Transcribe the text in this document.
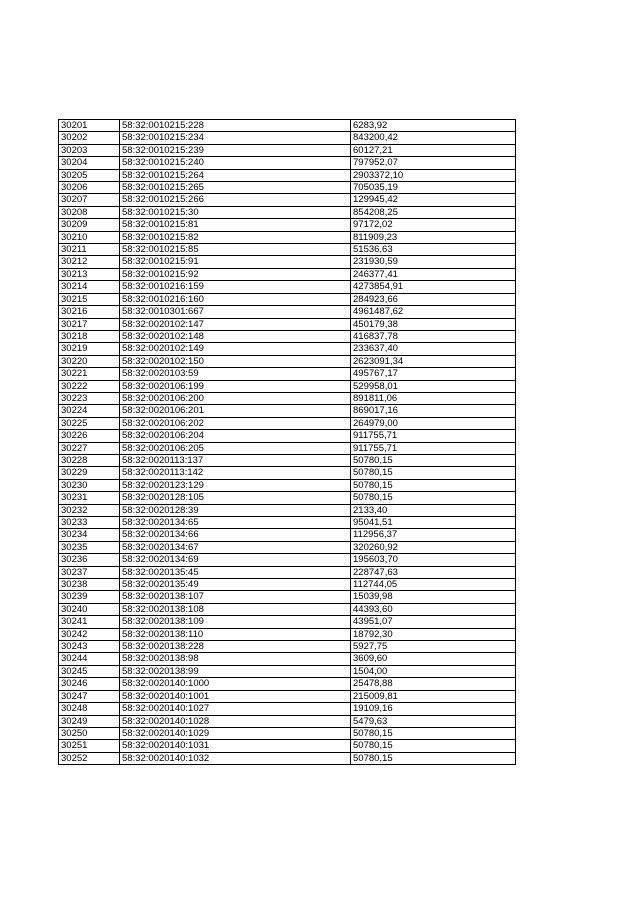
30201	58:32:0010215:228	6283,92
30202	58:32:0010215:234	843200,42
30203	58:32:0010215:239	60127,21
30204	58:32:0010215:240	797952,07
30205	58:32:0010215:264	2903372,10
30206	58:32:0010215:265	705035,19
30207	58:32:0010215:266	129945,42
30208	58:32:0010215:30	854208,25
30209	58:32:0010215:81	97172,02
30210	58:32:0010215:82	811909,23
30211	58:32:0010215:85	51536,63
30212	58:32:0010215:91	231930,59
30213	58:32:0010215:92	246377,41
30214	58:32:0010216:159	4273854,91
30215	58:32:0010216:160	284923,66
30216	58:32:0010301:667	4961487,62
30217	58:32:0020102:147	450179,38
30218	58:32:0020102:148	416837,78
30219	58:32:0020102:149	233637,40
30220	58:32:0020102:150	2623091,34
30221	58:32:0020103:59	495767,17
30222	58:32:0020106:199	529958,01
30223	58:32:0020106:200	891811,06
30224	58:32:0020106:201	869017,16
30225	58:32:0020106:202	264979,00
30226	58:32:0020106:204	911755,71
30227	58:32:0020106:205	911755,71
30228	58:32:0020113:137	50780,15
30229	58:32:0020113:142	50780,15
30230	58:32:0020123:129	50780,15
30231	58:32:0020128:105	50780,15
30232	58:32:0020128:39	2133,40
30233	58:32:0020134:65	95041,51
30234	58:32:0020134:66	112956,37
30235	58:32:0020134:67	320260,92
30236	58:32:0020134:69	195603,70
30237	58:32:0020135:45	228747,63
30238	58:32:0020135:49	112744,05
30239	58:32:0020138:107	15039,98
30240	58:32:0020138:108	44393,60
30241	58:32:0020138:109	43951,07
30242	58:32:0020138:110	18792,30
30243	58:32:0020138:228	5927,75
30244	58:32:0020138:98	3609,60
30245	58:32:0020138:99	1504,00
30246	58:32:0020140:1000	25478,88
30247	58:32:0020140:1001	215009,81
30248	58:32:0020140:1027	19109,16
30249	58:32:0020140:1028	5479,63
30250	58:32:0020140:1029	50780,15
30251	58:32:0020140:1031	50780,15
30252	58:32:0020140:1032	50780,15
